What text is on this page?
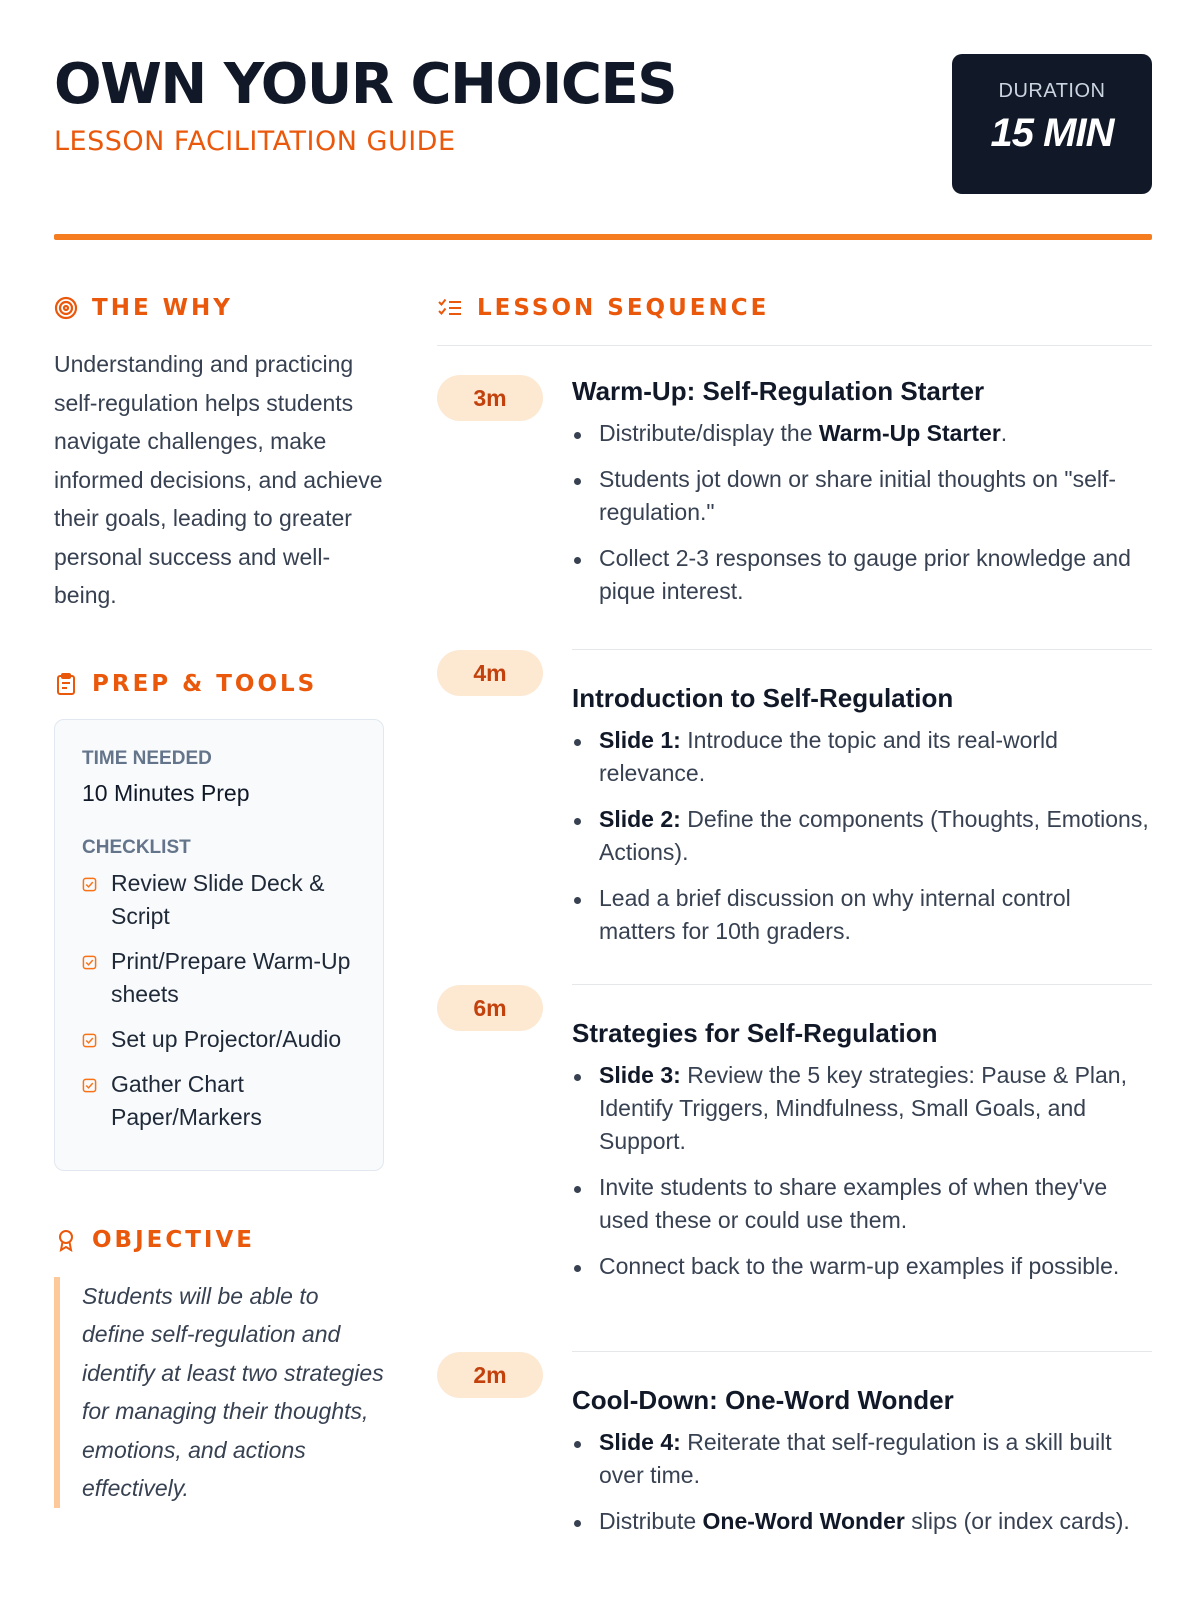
OWN YOUR CHOICES
LESSON FACILITATION GUIDE
DURATION
15 MIN
THE WHY

Understanding and practicing self-regulation helps students navigate challenges, make informed decisions, and achieve their goals, leading to greater personal success and well-being.

PREP & TOOLS
TIME NEEDED
10 Minutes Prep
CHECKLIST
Review Slide Deck & Script
Print/Prepare Warm-Up sheets
Set up Projector/Audio
Gather Chart Paper/Markers
OBJECTIVE
Students will be able to define self-regulation and identify at least two strategies for managing their thoughts, emotions, and actions effectively.
LESSON SEQUENCE
3m	Warm-Up: Self-Regulation Starter
Distribute/display the Warm-Up Starter.
Students jot down or share initial thoughts on "self-regulation."
Collect 2-3 responses to gauge prior knowledge and pique interest.
4m
Introduction to Self-Regulation
Slide 1: Introduce the topic and its real-world relevance.
Slide 2: Define the components (Thoughts, Emotions, Actions).
Lead a brief discussion on why internal control matters for 10th graders.
6m
Strategies for Self-Regulation
Slide 3: Review the 5 key strategies: Pause & Plan, Identify Triggers, Mindfulness, Small Goals, and Support.
Invite students to share examples of when they've used these or could use them.
Connect back to the warm-up examples if possible.
2m
Cool-Down: One-Word Wonder
Slide 4: Reiterate that self-regulation is a skill built over time.
Distribute One-Word Wonder slips (or index cards).
